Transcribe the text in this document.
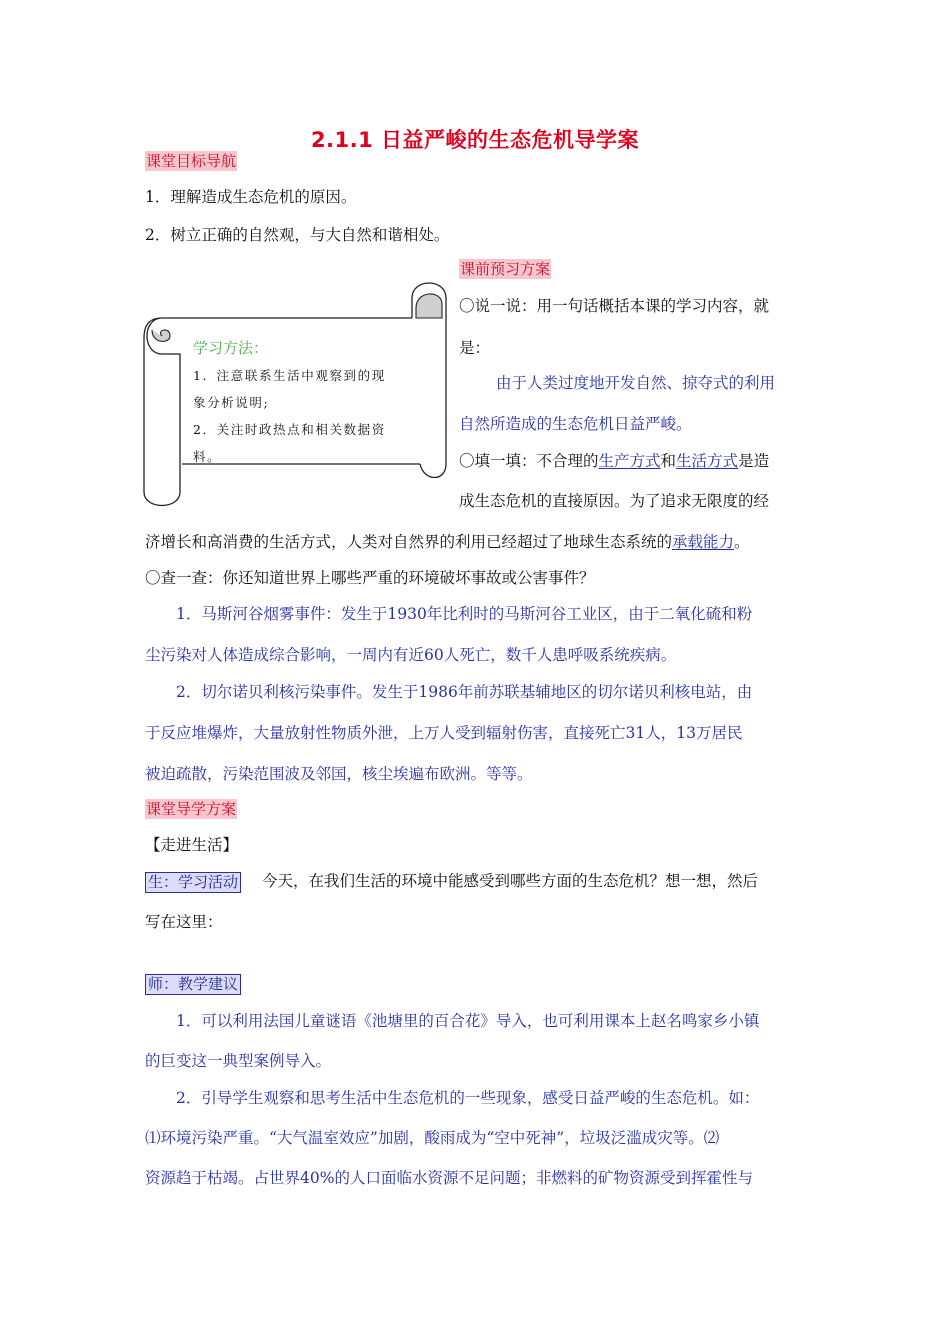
2.1.1 日益严峻的生态危机导学案
课堂目标导航
1．理解造成生态危机的原因。
2．树立正确的自然观，与大自然和谐相处。
学习方法：
1．注意联系生活中观察到的现
象分析说明;
2．关注时政热点和相关数据资
料。
课前预习方案
〇说一说：用一句话概括本课的学习内容，就
是：
由于人类过度地开发自然、掠夺式的利用
自然所造成的生态危机日益严峻。
〇填一填：不合理的生产方式和生活方式是造
成生态危机的直接原因。为了追求无限度的经
济增长和高消费的生活方式，人类对自然界的利用已经超过了地球生态系统的承载能力。
〇查一查：你还知道世界上哪些严重的环境破坏事故或公害事件？
1．马斯河谷烟雾事件：发生于1930年比利时的马斯河谷工业区，由于二氧化硫和粉
尘污染对人体造成综合影响，一周内有近60人死亡，数千人患呼吸系统疾病。
2．切尔诺贝利核污染事件。发生于1986年前苏联基辅地区的切尔诺贝利核电站，由
于反应堆爆炸，大量放射性物质外泄，上万人受到辐射伤害，直接死亡31人，13万居民
被迫疏散，污染范围波及邻国，核尘埃遍布欧洲。等等。
课堂导学方案
【走进生活】
生：学习活动 今天，在我们生活的环境中能感受到哪些方面的生态危机？想一想，然后
写在这里：
师：教学建议
1．可以利用法国儿童谜语《池塘里的百合花》导入，也可利用课本上赵名鸣家乡小镇
的巨变这一典型案例导入。
2．引导学生观察和思考生活中生态危机的一些现象，感受日益严峻的生态危机。如：
⑴环境污染严重。“大气温室效应”加剧，酸雨成为“空中死神”，垃圾泛滥成灾等。⑵
资源趋于枯竭。占世界40%的人口面临水资源不足问题；非燃料的矿物资源受到挥霍性与
